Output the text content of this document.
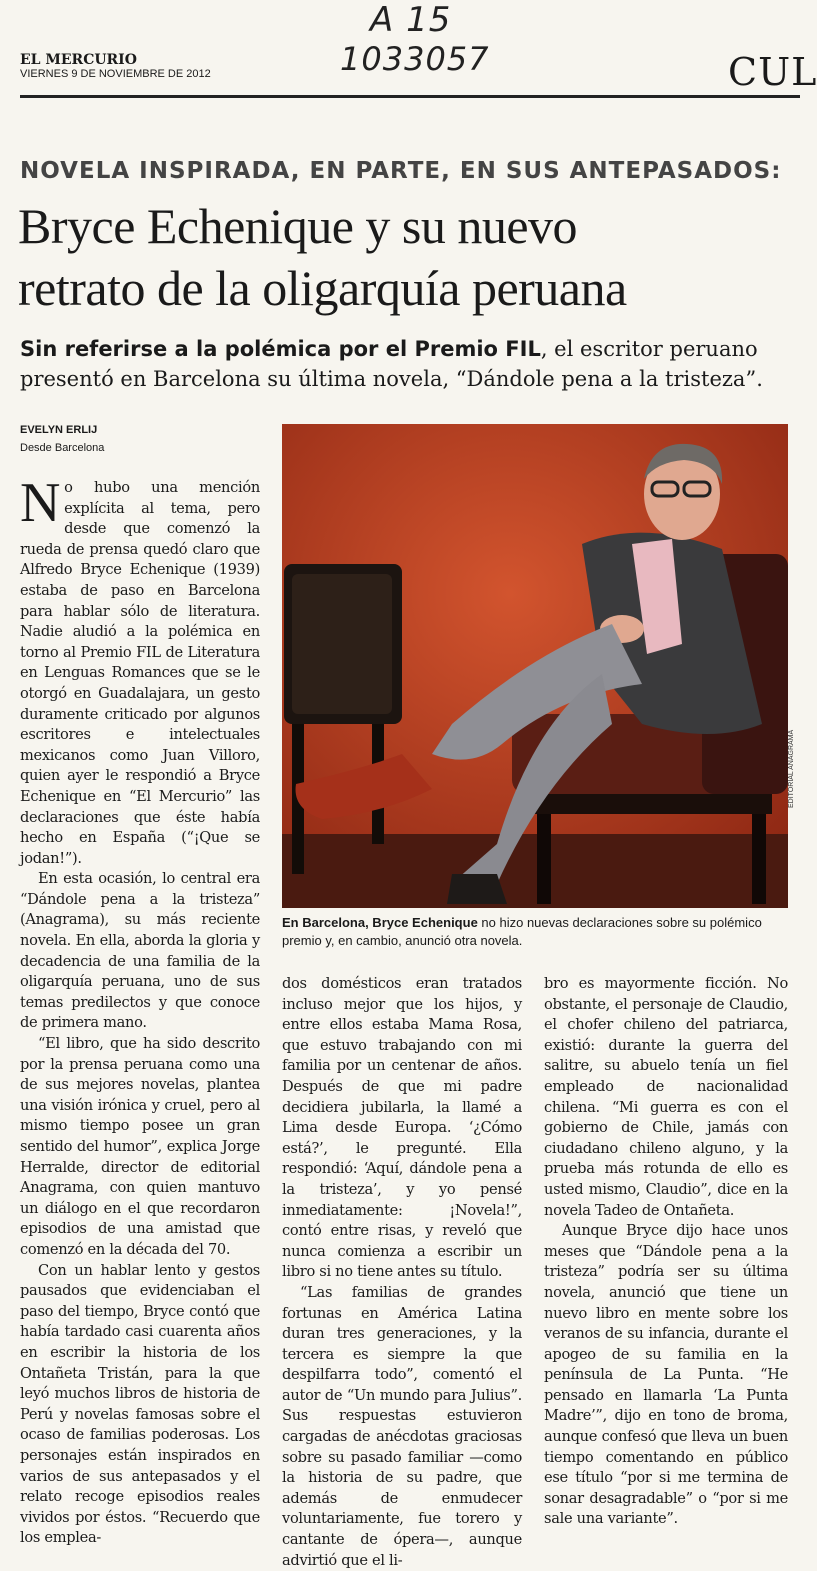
A 15
1033057
EL MERCURIO
VIERNES 9 DE NOVIEMBRE DE 2012	CUL
NOVELA INSPIRADA, EN PARTE, EN SUS ANTEPASADOS:
Bryce Echenique y su nuevo
retrato de la oligarquía peruana
Sin referirse a la polémica por el Premio FIL, el escritor peruano presentó en Barcelona su última novela, “Dándole pena a la tristeza”.
EVELYN ERLIJ
Desde Barcelona
EDITORIAL ANAGRAMA
En Barcelona, Bryce Echenique no hizo nuevas declaraciones sobre su polémico premio y, en cambio, anunció otra novela.

No hubo una mención explícita al tema, pero desde que comenzó la rueda de prensa quedó claro que Alfredo Bryce Echenique (1939) estaba de paso en Barcelona para hablar sólo de literatura. Nadie aludió a la polémica en torno al Premio FIL de Literatura en Lenguas Romances que se le otorgó en Guadalajara, un gesto duramente criticado por algunos escritores e intelectuales mexicanos como Juan Villoro, quien ayer le respondió a Bryce Echenique en “El Mercurio” las declaraciones que éste había hecho en España (“¡Que se jodan!”).

En esta ocasión, lo central era “Dándole pena a la tristeza” (Anagrama), su más reciente novela. En ella, aborda la gloria y decadencia de una familia de la oligarquía peruana, uno de sus temas predilectos y que conoce de primera mano.

“El libro, que ha sido descrito por la prensa peruana como una de sus mejores novelas, plantea una visión irónica y cruel, pero al mismo tiempo posee un gran sentido del humor”, explica Jorge Herralde, director de editorial Anagrama, con quien mantuvo un diálogo en el que recordaron episodios de una amistad que comenzó en la década del 70.

Con un hablar lento y gestos pausados que evidenciaban el paso del tiempo, Bryce contó que había tardado casi cuarenta años en escribir la historia de los Ontañeta Tristán, para la que leyó muchos libros de historia de Perú y novelas famosas sobre el ocaso de familias poderosas. Los personajes están inspirados en varios de sus antepasados y el relato recoge episodios reales vividos por éstos. “Recuerdo que los emplea-

dos domésticos eran tratados incluso mejor que los hijos, y entre ellos estaba Mama Rosa, que estuvo trabajando con mi familia por un centenar de años. Después de que mi padre decidiera jubilarla, la llamé a Lima desde Europa. ‘¿Cómo está?’, le pregunté. Ella respondió: ‘Aquí, dándole pena a la tristeza’, y yo pensé inmediatamente: ¡Novela!”, contó entre risas, y reveló que nunca comienza a escribir un libro si no tiene antes su título.

“Las familias de grandes fortunas en América Latina duran tres generaciones, y la tercera es siempre la que despilfarra todo”, comentó el autor de “Un mundo para Julius”. Sus respuestas estuvieron cargadas de anécdotas graciosas sobre su pasado familiar —como la historia de su padre, que además de enmudecer voluntariamente, fue torero y cantante de ópera—, aunque advirtió que el li-

bro es mayormente ficción. No obstante, el personaje de Claudio, el chofer chileno del patriarca, existió: durante la guerra del salitre, su abuelo tenía un fiel empleado de nacionalidad chilena. “Mi guerra es con el gobierno de Chile, jamás con ciudadano chileno alguno, y la prueba más rotunda de ello es usted mismo, Claudio”, dice en la novela Tadeo de Ontañeta.

Aunque Bryce dijo hace unos meses que “Dándole pena a la tristeza” podría ser su última novela, anunció que tiene un nuevo libro en mente sobre los veranos de su infancia, durante el apogeo de su familia en la península de La Punta. “He pensado en llamarla ‘La Punta Madre’”, dijo en tono de broma, aunque confesó que lleva un buen tiempo comentando en público ese título “por si me termina de sonar desagradable” o “por si me sale una variante”.
